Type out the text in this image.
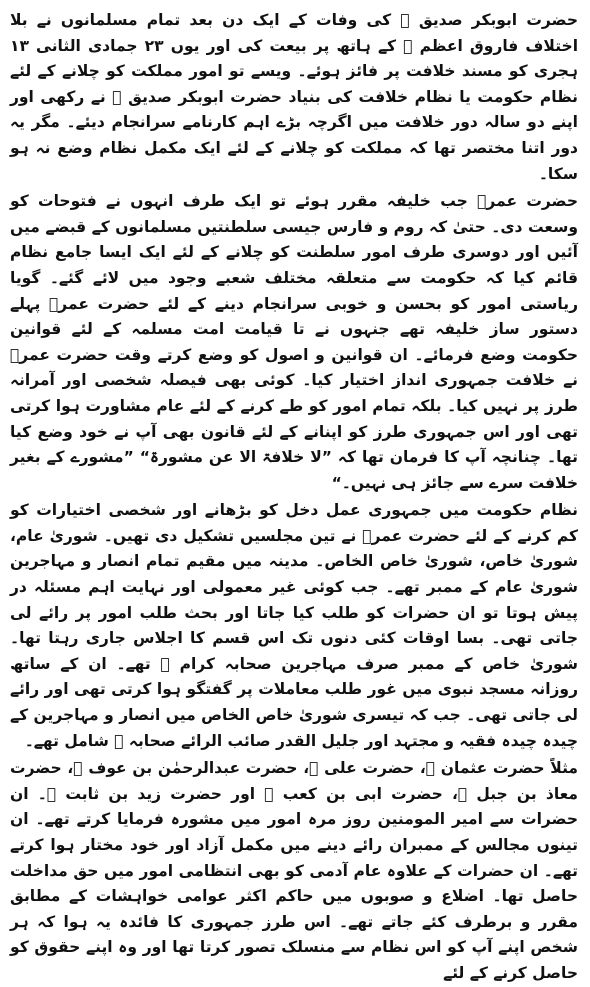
حضرت ابوبکر صدیق ﷜ کی وفات کے ایک دن بعد تمام مسلمانوں نے بلا اختلاف فاروق اعظم ﷜ کے ہاتھ پر بیعت کی اور یوں ۲۳ جمادی الثانی ۱۳ ہجری کو مسند خلافت پر فائز ہوئے۔ ویسے تو امور مملکت کو چلانے کے لئے نظام حکومت یا نظام خلافت کی بنیاد حضرت ابوبکر صدیق ﷜ نے رکھی اور اپنے دو سالہ دور خلافت میں اگرچہ بڑے اہم کارنامے سرانجام دیئے۔ مگر یہ دور اتنا مختصر تھا کہ مملکت کو چلانے کے لئے ایک مکمل نظام وضع نہ ہو سکا۔

حضرت عمر﷜ جب خلیفہ مقرر ہوئے تو ایک طرف انہوں نے فتوحات کو وسعت دی۔ حتیٰ کہ روم و فارس جیسی سلطنتیں مسلمانوں کے قبضے میں آئیں اور دوسری طرف امور سلطنت کو چلانے کے لئے ایک ایسا جامع نظام قائم کیا کہ حکومت سے متعلقہ مختلف شعبے وجود میں لائے گئے۔ گویا ریاستی امور کو بحسن و خوبی سرانجام دینے کے لئے حضرت عمر﷜ پہلے دستور ساز خلیفہ تھے جنہوں نے تا قیامت امت مسلمہ کے لئے قوانین حکومت وضع فرمائے۔ ان قوانین و اصول کو وضع کرتے وقت حضرت عمر﷜ نے خلافت جمہوری انداز اختیار کیا۔ کوئی بھی فیصلہ شخصی اور آمرانہ طرز پر نہیں کیا۔ بلکہ تمام امور کو طے کرنے کے لئے عام مشاورت ہوا کرتی تھی اور اس جمہوری طرز کو اپنانے کے لئے قانون بھی آپ نے خود وضع کیا تھا۔ چنانچہ آپ کا فرمان تھا کہ ”لا خلافۃ الا عن مشورۃ“ ”مشورے کے بغیر خلافت سرے سے جائز ہی نہیں۔“

نظام حکومت میں جمہوری عمل دخل کو بڑھانے اور شخصی اختیارات کو کم کرنے کے لئے حضرت عمر﷜ نے تین مجلسیں تشکیل دی تھیں۔ شوریٰ عام، شوریٰ خاص، شوریٰ خاص الخاص۔ مدینہ میں مقیم تمام انصار و مہاجرین شوریٰ عام کے ممبر تھے۔ جب کوئی غیر معمولی اور نہایت اہم مسئلہ در پیش ہوتا تو ان حضرات کو طلب کیا جاتا اور بحث طلب امور پر رائے لی جاتی تھی۔ بسا اوقات کئی دنوں تک اس قسم کا اجلاس جاری رہتا تھا۔ شوریٰ خاص کے ممبر صرف مہاجرین صحابہ کرام ﷡ تھے۔ ان کے ساتھ روزانہ مسجد نبوی میں غور طلب معاملات پر گفتگو ہوا کرتی تھی اور رائے لی جاتی تھی۔ جب کہ تیسری شوریٰ خاص الخاص میں انصار و مہاجرین کے چیدہ چیدہ فقیہ و مجتہد اور جلیل القدر صائب الرائے صحابہ ﷡ شامل تھے۔

مثلاً حضرت عثمان ﷜، حضرت علی ﷜، حضرت عبدالرحمٰن بن عوف ﷜، حضرت معاذ بن جبل ﷜، حضرت ابی بن کعب ﷜ اور حضرت زید بن ثابت ﷜۔ ان حضرات سے امیر المومنین روز مرہ امور میں مشورہ فرمایا کرتے تھے۔ ان تینوں مجالس کے ممبران رائے دینے میں مکمل آزاد اور خود مختار ہوا کرتے تھے۔ ان حضرات کے علاوہ عام آدمی کو بھی انتظامی امور میں حق مداخلت حاصل تھا۔ اضلاع و صوبوں میں حاکم اکثر عوامی خواہشات کے مطابق مقرر و برطرف کئے جاتے تھے۔ اس طرز جمہوری کا فائدہ یہ ہوا کہ ہر شخص اپنے آپ کو اس نظام سے منسلک تصور کرتا تھا اور وہ اپنے حقوق کو حاصل کرنے کے لئے
